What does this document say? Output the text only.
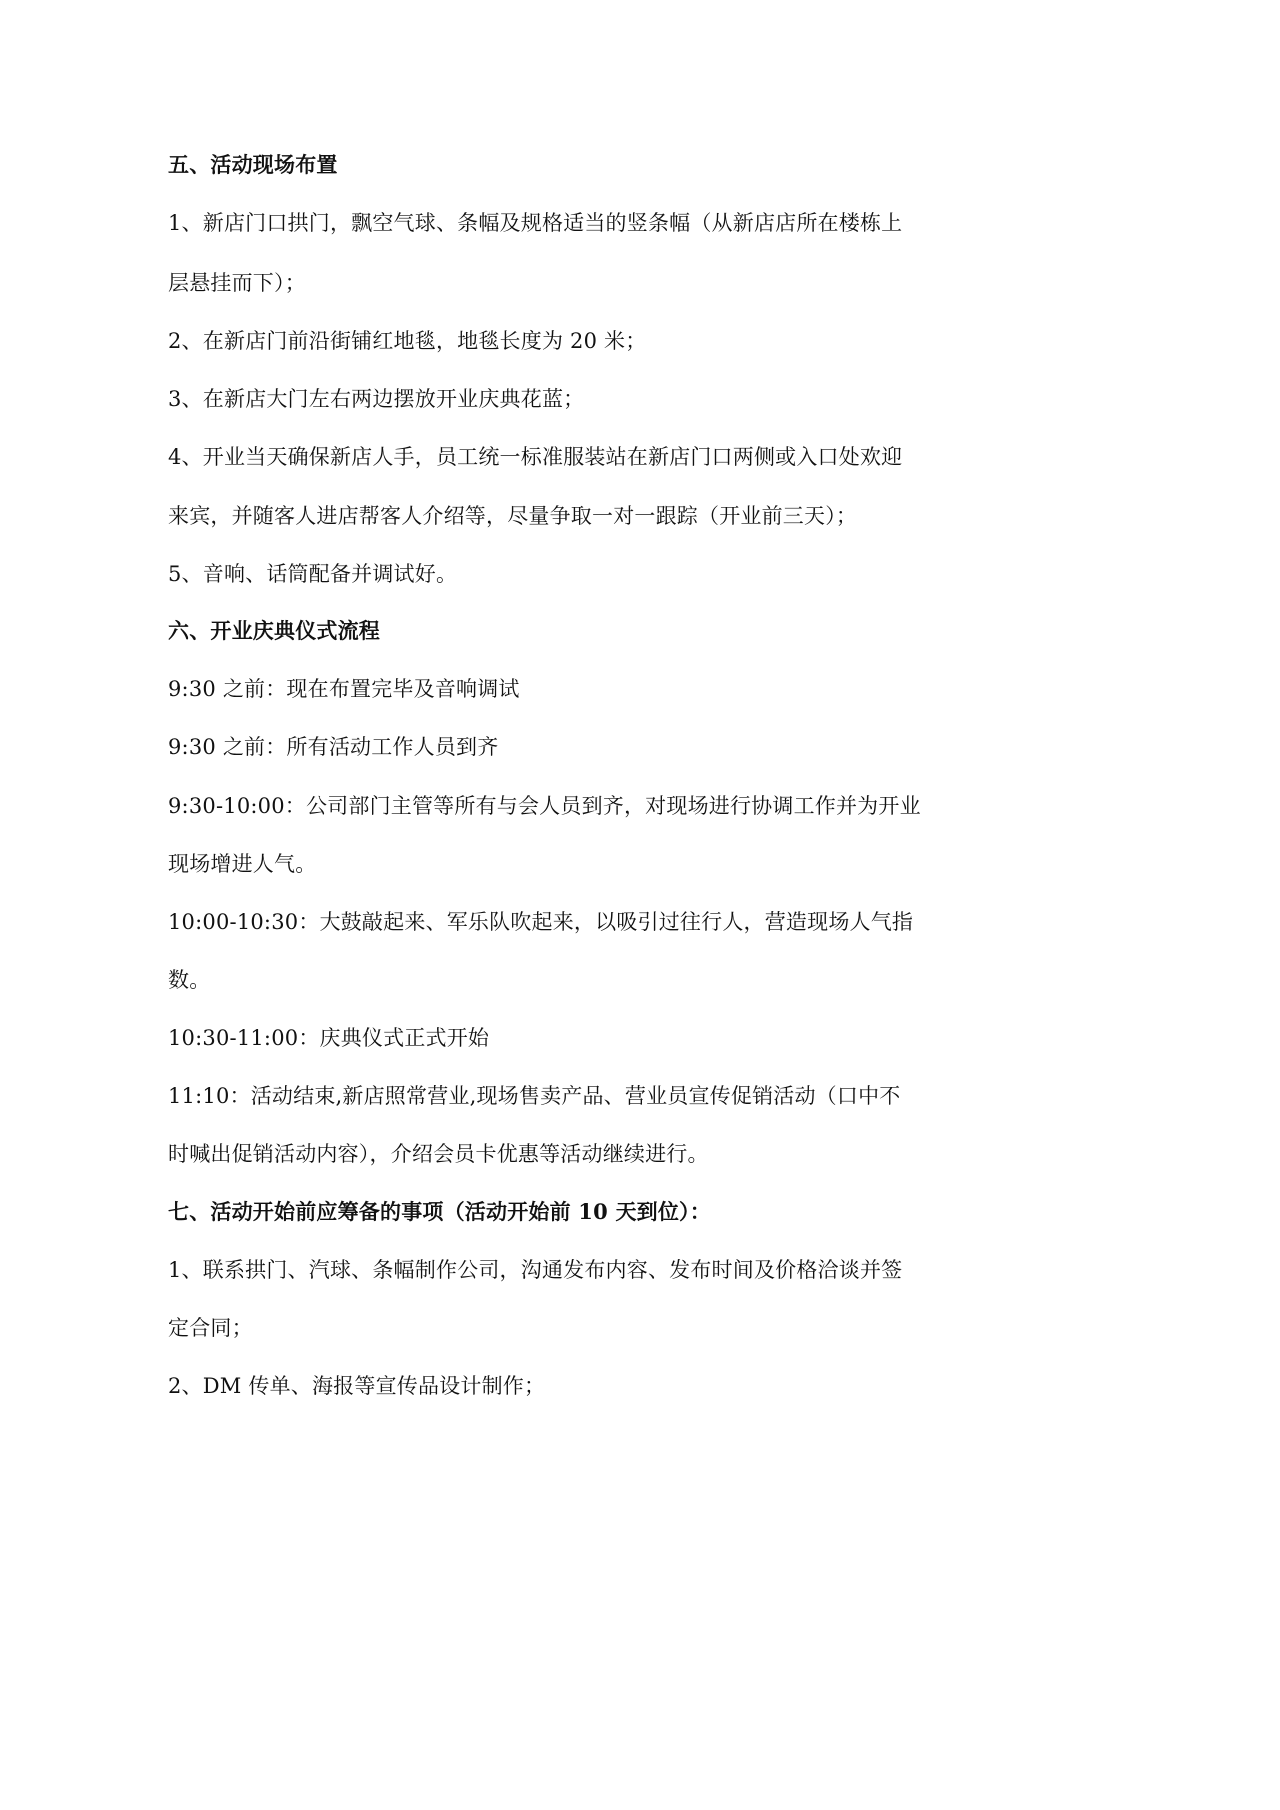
五、活动现场布置
1、新店门口拱门，飘空气球、条幅及规格适当的竖条幅（从新店店所在楼栋上
层悬挂而下）；
2、在新店门前沿街铺红地毯，地毯长度为 20 米；
3、在新店大门左右两边摆放开业庆典花蓝；
4、开业当天确保新店人手，员工统一标准服装站在新店门口两侧或入口处欢迎
来宾，并随客人进店帮客人介绍等，尽量争取一对一跟踪（开业前三天）；
5、音响、话筒配备并调试好。
六、开业庆典仪式流程
9:30 之前：现在布置完毕及音响调试
9:30 之前：所有活动工作人员到齐
9:30-10:00：公司部门主管等所有与会人员到齐，对现场进行协调工作并为开业
现场增进人气。
10:00-10:30：大鼓敲起来、军乐队吹起来，以吸引过往行人，营造现场人气指
数。
10:30-11:00：庆典仪式正式开始
11:10：活动结束,新店照常营业,现场售卖产品、营业员宣传促销活动（口中不
时喊出促销活动内容），介绍会员卡优惠等活动继续进行。
七、活动开始前应筹备的事项（活动开始前 10 天到位）：
1、联系拱门、汽球、条幅制作公司，沟通发布内容、发布时间及价格洽谈并签
定合同；
2、DM 传单、海报等宣传品设计制作；
